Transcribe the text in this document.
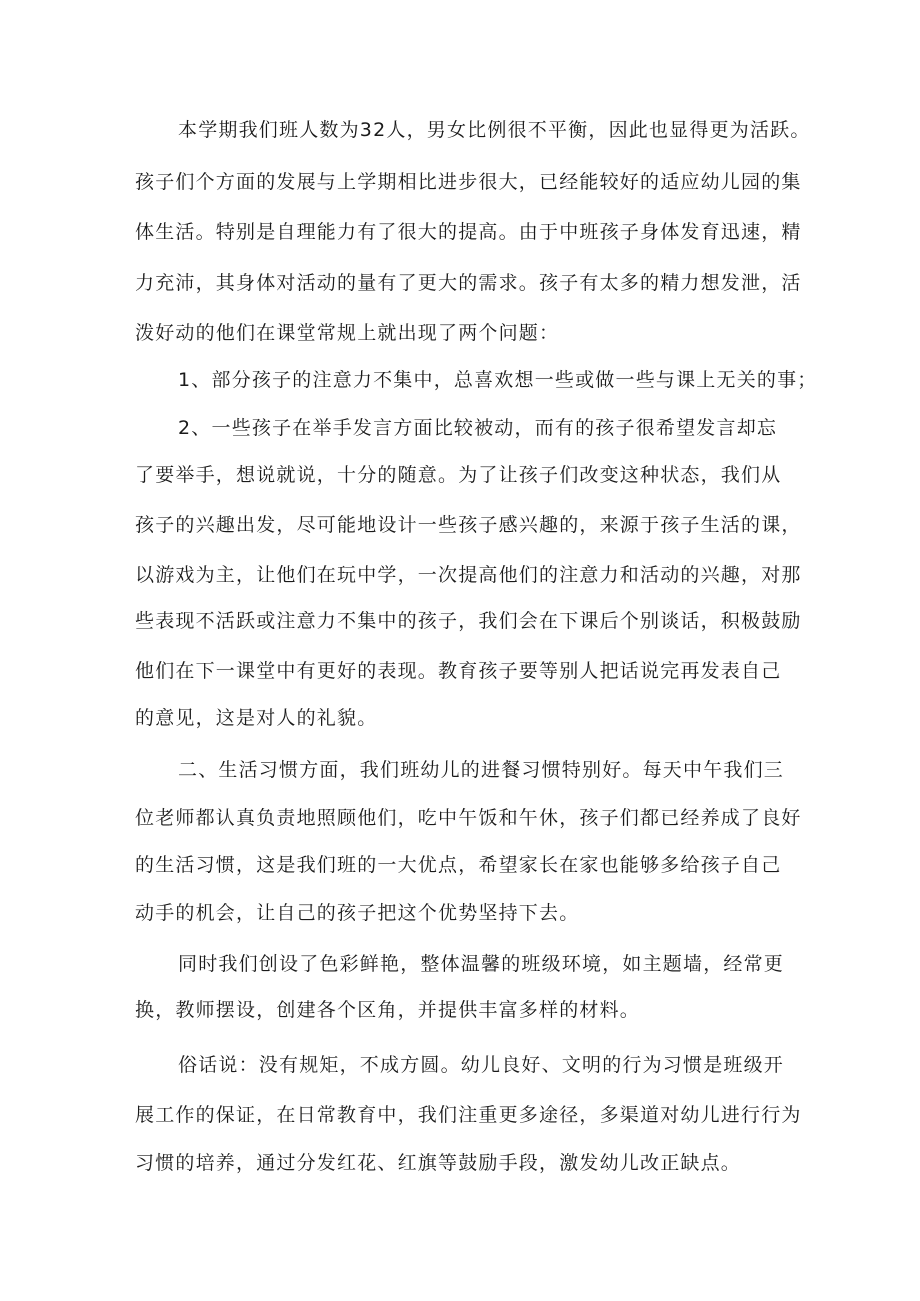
本学期我们班人数为32人，男女比例很不平衡，因此也显得更为活跃。
孩子们个方面的发展与上学期相比进步很大，已经能较好的适应幼儿园的集
体生活。特别是自理能力有了很大的提高。由于中班孩子身体发育迅速，精
力充沛，其身体对活动的量有了更大的需求。孩子有太多的精力想发泄，活
泼好动的他们在课堂常规上就出现了两个问题：
1、部分孩子的注意力不集中，总喜欢想一些或做一些与课上无关的事；
2、一些孩子在举手发言方面比较被动，而有的孩子很希望发言却忘
了要举手，想说就说，十分的随意。为了让孩子们改变这种状态，我们从
孩子的兴趣出发，尽可能地设计一些孩子感兴趣的，来源于孩子生活的课，
以游戏为主，让他们在玩中学，一次提高他们的注意力和活动的兴趣，对那
些表现不活跃或注意力不集中的孩子，我们会在下课后个别谈话，积极鼓励
他们在下一课堂中有更好的表现。教育孩子要等别人把话说完再发表自己
的意见，这是对人的礼貌。
二、生活习惯方面，我们班幼儿的进餐习惯特别好。每天中午我们三
位老师都认真负责地照顾他们，吃中午饭和午休，孩子们都已经养成了良好
的生活习惯，这是我们班的一大优点，希望家长在家也能够多给孩子自己
动手的机会，让自己的孩子把这个优势坚持下去。
同时我们创设了色彩鲜艳，整体温馨的班级环境，如主题墙，经常更
换，教师摆设，创建各个区角，并提供丰富多样的材料。
俗话说：没有规矩，不成方圆。幼儿良好、文明的行为习惯是班级开
展工作的保证，在日常教育中，我们注重更多途径，多渠道对幼儿进行行为
习惯的培养，通过分发红花、红旗等鼓励手段，激发幼儿改正缺点。
